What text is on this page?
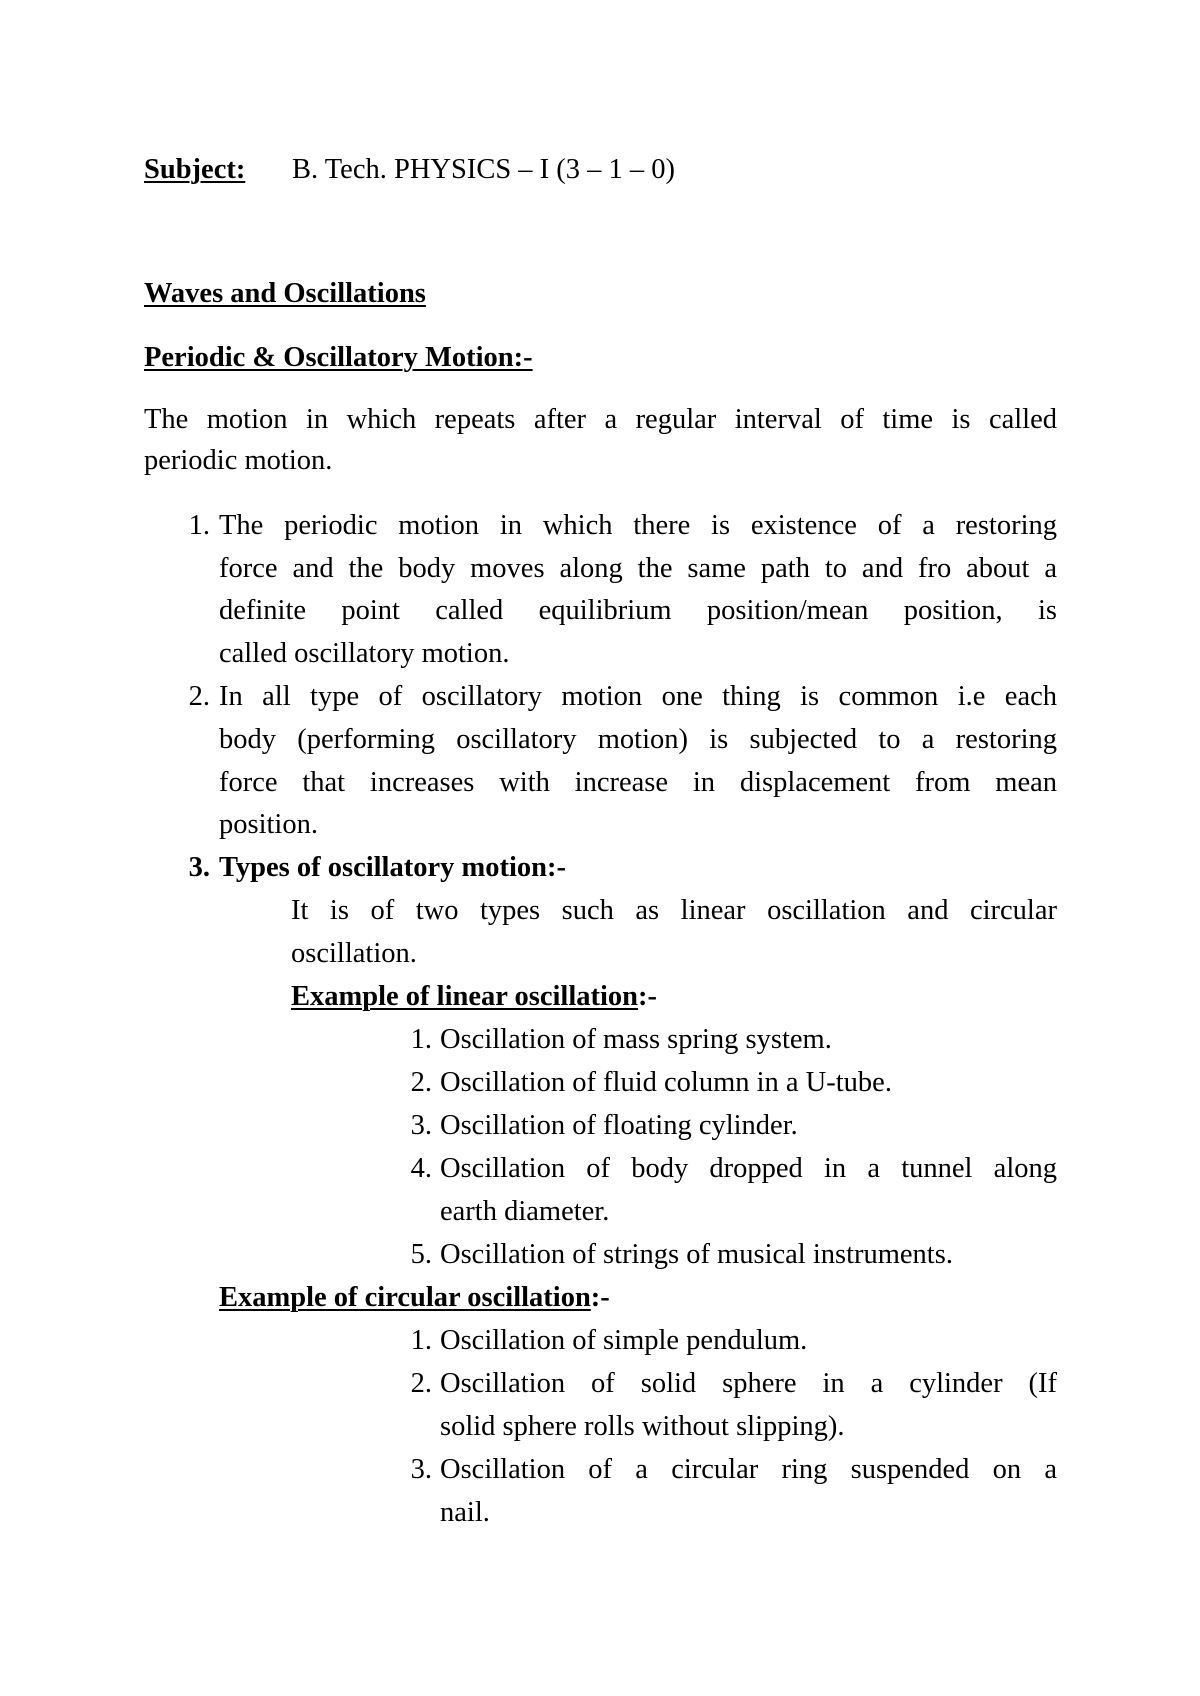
Subject: B. Tech. PHYSICS – I (3 – 1 – 0)
Waves and Oscillations
Periodic & Oscillatory Motion:-
The motion in which repeats after a regular interval of time is called
periodic motion.
1. The periodic motion in which there is existence of a restoring
force and the body moves along the same path to and fro about a
definite point called equilibrium position/mean position, is
called oscillatory motion.
2. In all type of oscillatory motion one thing is common i.e each
body (performing oscillatory motion) is subjected to a restoring
force that increases with increase in displacement from mean
position.
3. Types of oscillatory motion:-
It is of two types such as linear oscillation and circular
oscillation.
Example of linear oscillation:-
1. Oscillation of mass spring system.
2. Oscillation of fluid column in a U-tube.
3. Oscillation of floating cylinder.
4. Oscillation of body dropped in a tunnel along
earth diameter.
5. Oscillation of strings of musical instruments.
Example of circular oscillation:-
1. Oscillation of simple pendulum.
2. Oscillation of solid sphere in a cylinder (If
solid sphere rolls without slipping).
3. Oscillation of a circular ring suspended on a
nail.
